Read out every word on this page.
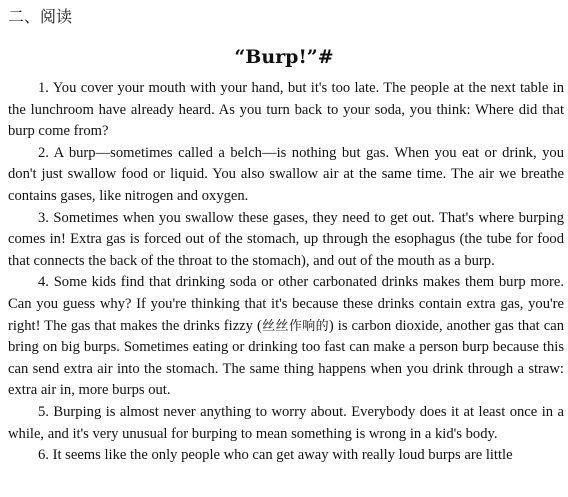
二、阅读
“Burp!”#

1. You cover your mouth with your hand, but it's too late. The people at the next table in the lunchroom have already heard. As you turn back to your soda, you think: Where did that burp come from?

2. A burp—sometimes called a belch—is nothing but gas. When you eat or drink, you don't just swallow food or liquid. You also swallow air at the same time. The air we breathe contains gases, like nitrogen and oxygen.

3. Sometimes when you swallow these gases, they need to get out. That's where burping comes in! Extra gas is forced out of the stomach, up through the esophagus (the tube for food that connects the back of the throat to the stomach), and out of the mouth as a burp.

4. Some kids find that drinking soda or other carbonated drinks makes them burp more. Can you guess why? If you're thinking that it's because these drinks contain extra gas, you're right! The gas that makes the drinks fizzy (丝丝作响的) is carbon dioxide, another gas that can bring on big burps. Sometimes eating or drinking too fast can make a person burp because this can send extra air into the stomach. The same thing happens when you drink through a straw: extra air in, more burps out.

5. Burping is almost never anything to worry about. Everybody does it at least once in a while, and it's very unusual for burping to mean something is wrong in a kid's body.

6. It seems like the only people who can get away with really loud burps are little
